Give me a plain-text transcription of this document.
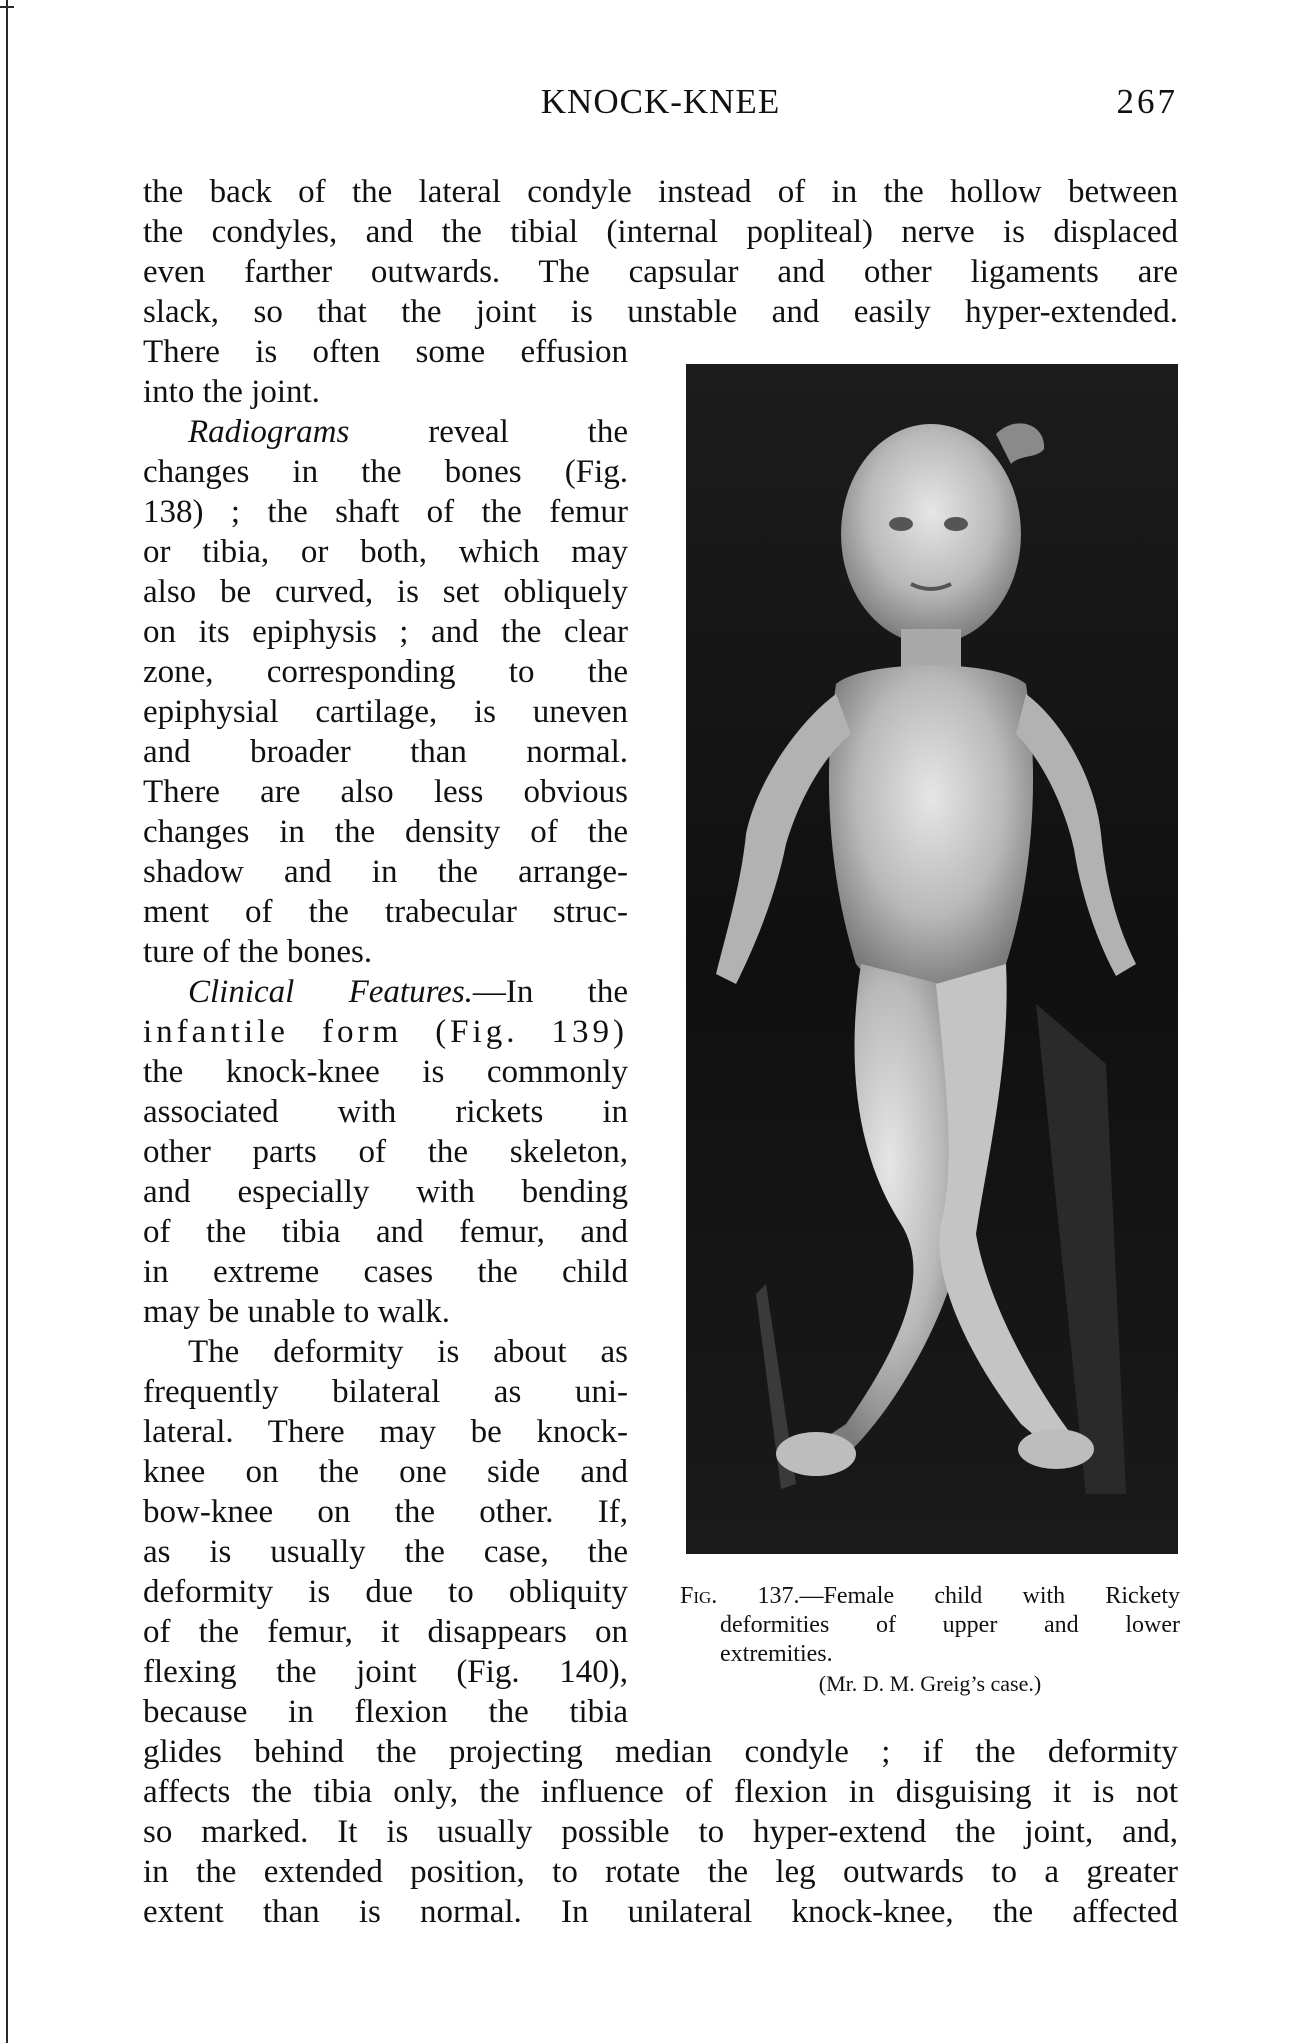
KNOCK-KNEE	267
the back of the lateral condyle instead of in the hollow between
the condyles, and the tibial (internal popliteal) nerve is displaced
even farther outwards. The capsular and other ligaments are
slack, so that the joint is unstable and easily hyper-extended.
There is often some effusion
into the joint.
Radiograms reveal the
changes in the bones (Fig.
138) ; the shaft of the femur
or tibia, or both, which may
also be curved, is set obliquely
on its epiphysis ; and the clear
zone, corresponding to the
epiphysial cartilage, is uneven
and broader than normal.
There are also less obvious
changes in the density of the
shadow and in the arrange-
ment of the trabecular struc-
ture of the bones.
Clinical Features.—In the
infantile form (Fig. 139)
the knock-knee is commonly
associated with rickets in
other parts of the skeleton,
and especially with bending
of the tibia and femur, and
in extreme cases the child
may be unable to walk.
The deformity is about as
frequently bilateral as uni-
lateral. There may be knock-
knee on the one side and
bow-knee on the other. If,
as is usually the case, the
deformity is due to obliquity
of the femur, it disappears on
flexing the joint (Fig. 140),
because in flexion the tibia
glides behind the projecting median condyle ; if the deformity
affects the tibia only, the influence of flexion in disguising it is not
so marked. It is usually possible to hyper-extend the joint, and,
in the extended position, to rotate the leg outwards to a greater
extent than is normal. In unilateral knock-knee, the affected
Fig. 137.—Female child with Rickety
deformities of upper and lower
extremities.
(Mr. D. M. Greig’s case.)
